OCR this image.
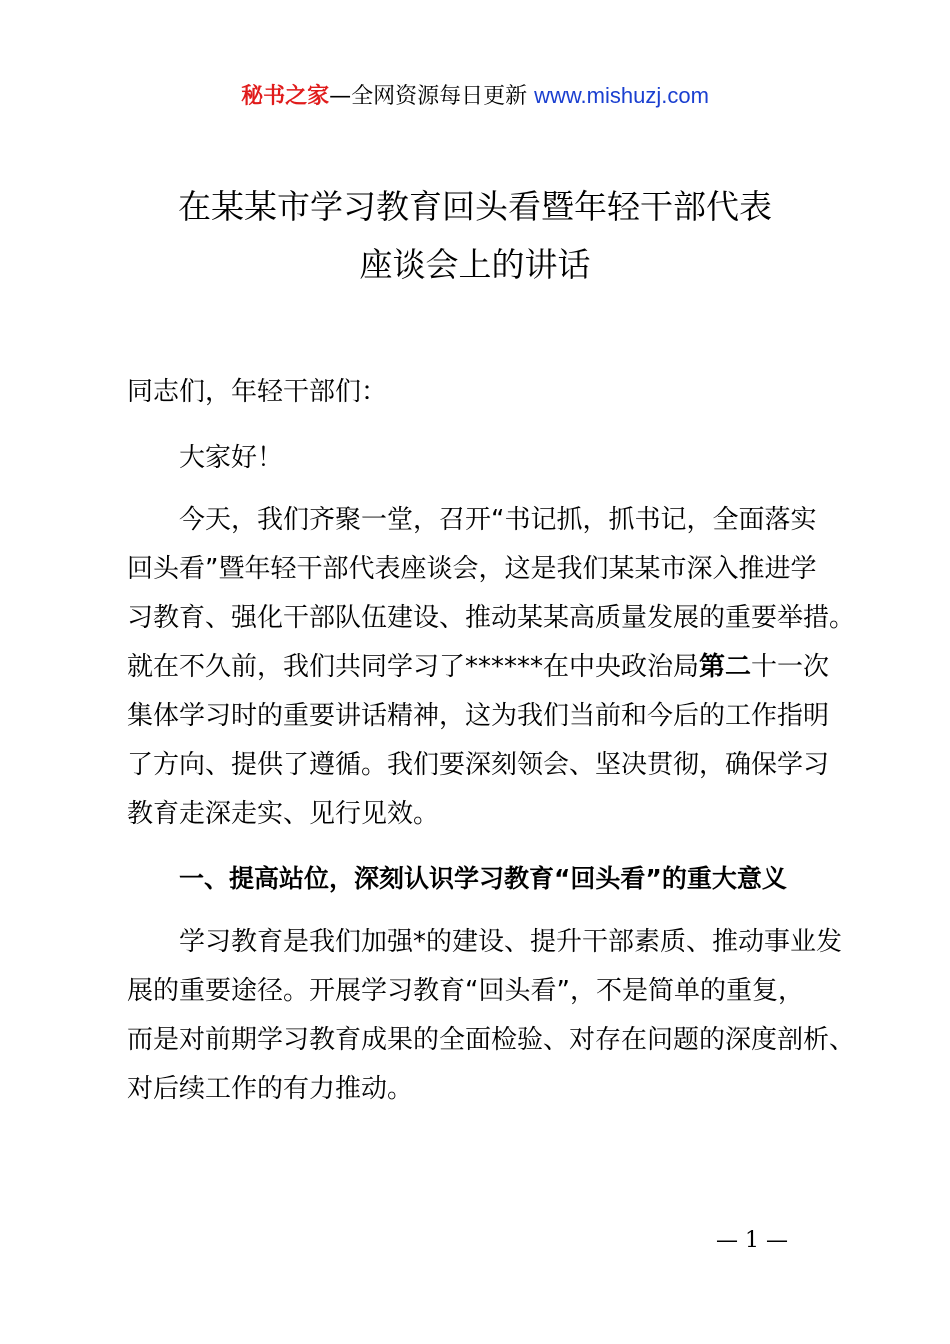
秘书之家—全网资源每日更新 www.mishuzj.com
在某某市学习教育回头看暨年轻干部代表
座谈会上的讲话
同志们，年轻干部们：
大家好！
今天，我们齐聚一堂，召开“书记抓，抓书记，全面落实
回头看”暨年轻干部代表座谈会，这是我们某某市深入推进学
习教育、强化干部队伍建设、推动某某高质量发展的重要举措。
就在不久前，我们共同学习了******在中央政治局第二十一次
集体学习时的重要讲话精神，这为我们当前和今后的工作指明
了方向、提供了遵循。我们要深刻领会、坚决贯彻，确保学习
教育走深走实、见行见效。
一、提高站位，深刻认识学习教育“回头看”的重大意义
学习教育是我们加强*的建设、提升干部素质、推动事业发
展的重要途径。开展学习教育“回头看”，不是简单的重复，
而是对前期学习教育成果的全面检验、对存在问题的深度剖析、
对后续工作的有力推动。
— 1 —
